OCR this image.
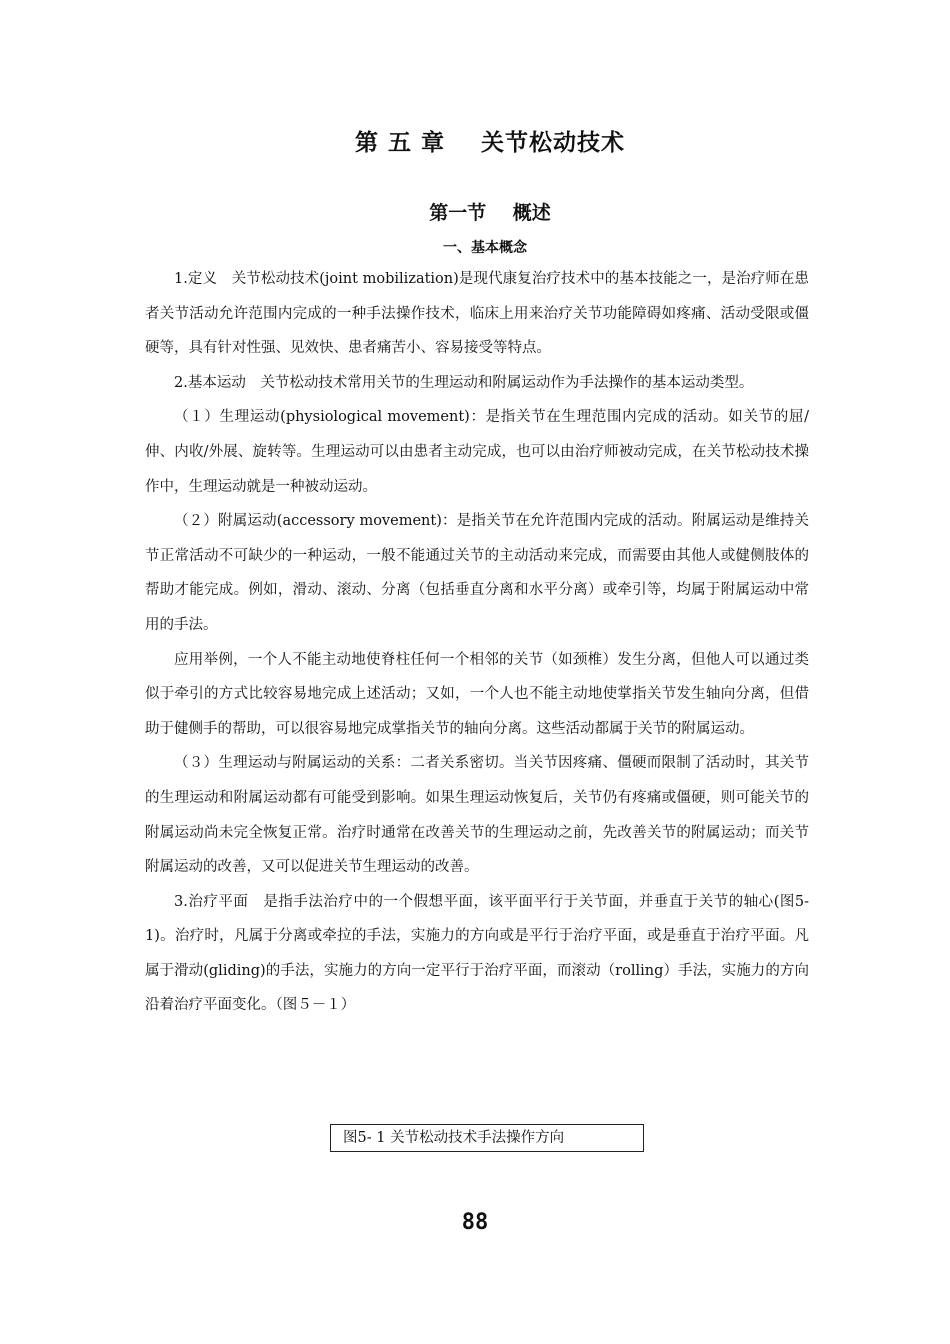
第 五 章    关节松动技术
第一节    概述
一、基本概念

1.定义　关节松动技术(joint mobilization)是现代康复治疗技术中的基本技能之一，是治疗师在患者关节活动允许范围内完成的一种手法操作技术，临床上用来治疗关节功能障碍如疼痛、活动受限或僵硬等，具有针对性强、见效快、患者痛苦小、容易接受等特点。

2.基本运动　关节松动技术常用关节的生理运动和附属运动作为手法操作的基本运动类型。

（１）生理运动(physiological movement)：是指关节在生理范围内完成的活动。如关节的屈/伸、内收/外展、旋转等。生理运动可以由患者主动完成，也可以由治疗师被动完成，在关节松动技术操作中，生理运动就是一种被动运动。

（２）附属运动(accessory movement)：是指关节在允许范围内完成的活动。附属运动是维持关节正常活动不可缺少的一种运动，一般不能通过关节的主动活动来完成，而需要由其他人或健侧肢体的帮助才能完成。例如，滑动、滚动、分离（包括垂直分离和水平分离）或牵引等，均属于附属运动中常用的手法。

应用举例，一个人不能主动地使脊柱任何一个相邻的关节（如颈椎）发生分离，但他人可以通过类似于牵引的方式比较容易地完成上述活动；又如，一个人也不能主动地使掌指关节发生轴向分离，但借助于健侧手的帮助，可以很容易地完成掌指关节的轴向分离。这些活动都属于关节的附属运动。

（３）生理运动与附属运动的关系：二者关系密切。当关节因疼痛、僵硬而限制了活动时，其关节的生理运动和附属运动都有可能受到影响。如果生理运动恢复后，关节仍有疼痛或僵硬，则可能关节的附属运动尚未完全恢复正常。治疗时通常在改善关节的生理运动之前，先改善关节的附属运动；而关节附属运动的改善，又可以促进关节生理运动的改善。

3.治疗平面　是指手法治疗中的一个假想平面，该平面平行于关节面，并垂直于关节的轴心(图5-1)。治疗时，凡属于分离或牵拉的手法，实施力的方向或是平行于治疗平面，或是垂直于治疗平面。凡属于滑动(gliding)的手法，实施力的方向一定平行于治疗平面，而滚动（rolling）手法，实施力的方向沿着治疗平面变化。（图５－１）

图5- 1 关节松动技术手法操作方向
88
